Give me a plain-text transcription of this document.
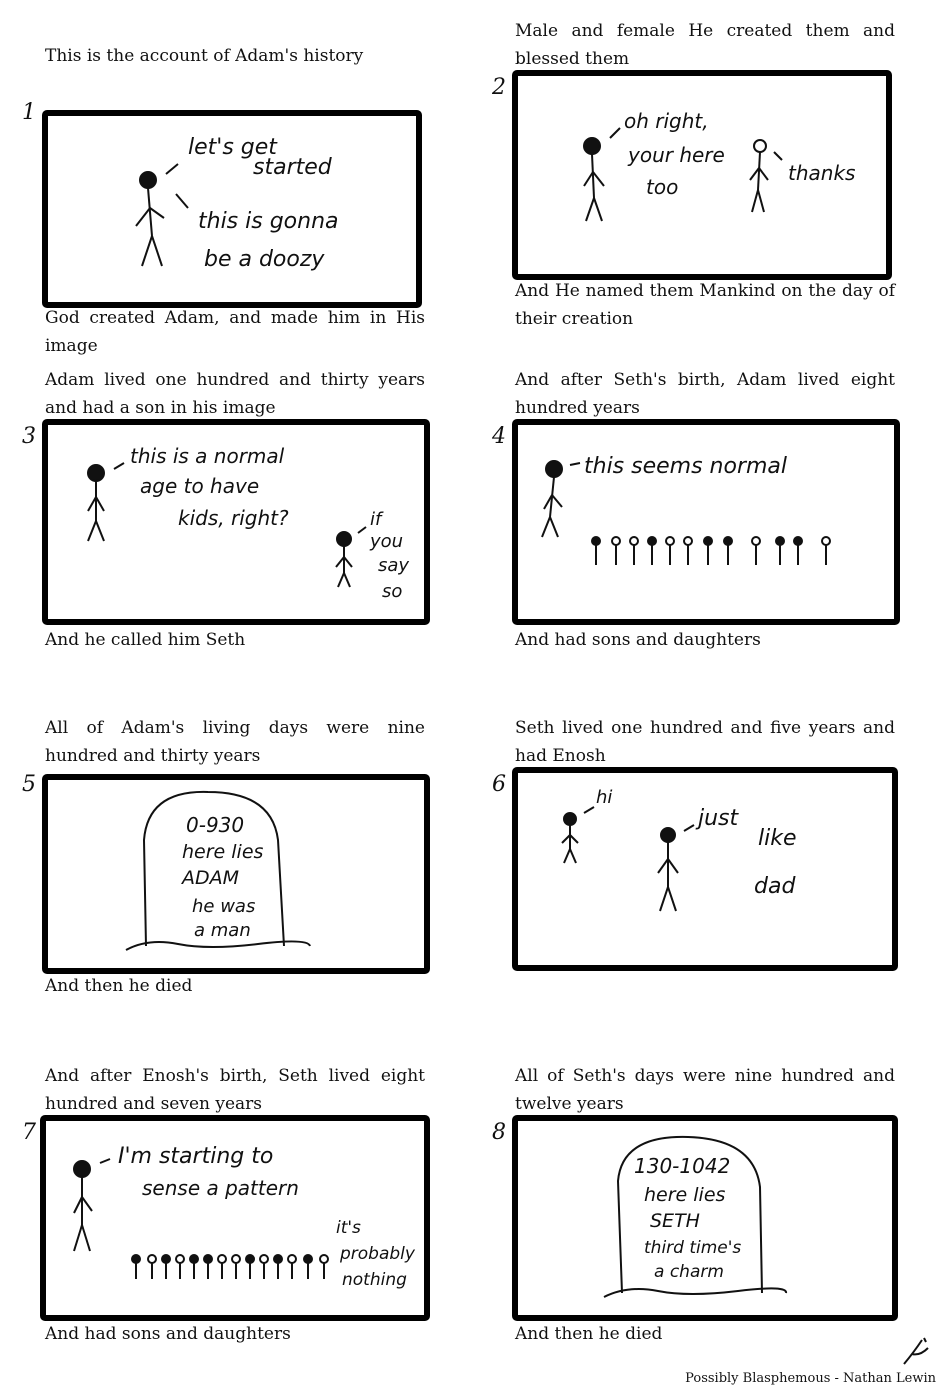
This is the account of Adam's history

1
let's get
started
this is gonna
be a doozy

God created Adam, and made him in His image

Male and female He created them and blessed them

2
oh right,
your here
too
thanks

And He named them Mankind on the day of their creation

Adam lived one hundred and thirty years and had a son in his image

3
this is a normal
age to have
kids, right?	if
you
say
so

And he called him Seth

And after Seth's birth, Adam lived eight hundred years

4
this seems normal

And had sons and daughters

All of Adam's living days were nine hundred and thirty years

5
0-930
here lies
ADAM
he was
a man

And then he died

Seth lived one hundred and five years and had Enosh

6
hi
just
like
dad

And after Enosh's birth, Seth lived eight hundred and seven years

7
I'm starting to
sense a pattern
it's
probably
nothing

And had sons and daughters

All of Seth's days were nine hundred and twelve years

8
130-1042
here lies
SETH
third time's
a charm

And then he died

Possibly Blasphemous - Nathan Lewin
